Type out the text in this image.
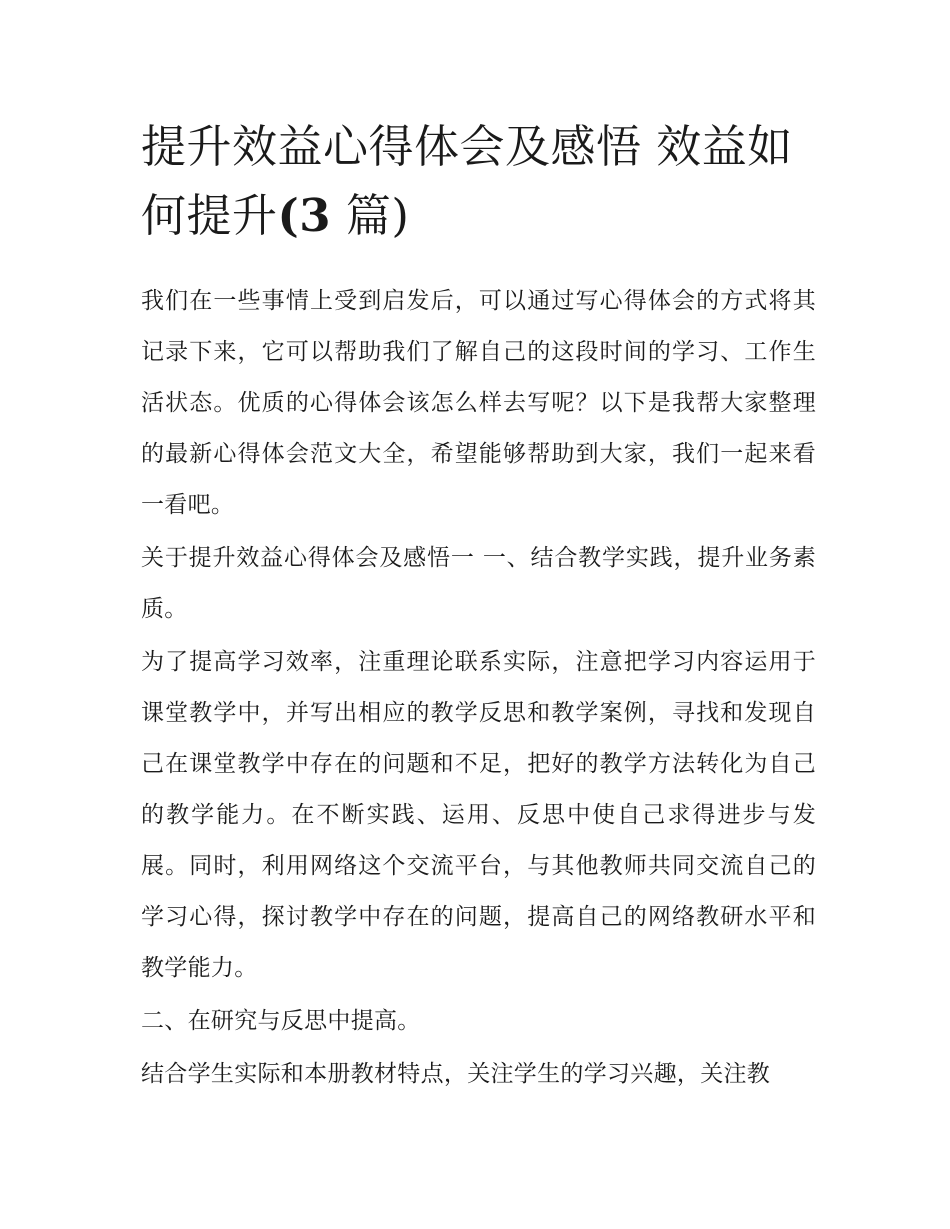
提升效益心得体会及感悟 效益如何提升(3 篇)

我们在一些事情上受到启发后，可以通过写心得体会的方式将其记录下来，它可以帮助我们了解自己的这段时间的学习、工作生活状态。优质的心得体会该怎么样去写呢？以下是我帮大家整理的最新心得体会范文大全，希望能够帮助到大家，我们一起来看一看吧。

关于提升效益心得体会及感悟一 一、结合教学实践，提升业务素质。

为了提高学习效率，注重理论联系实际，注意把学习内容运用于课堂教学中，并写出相应的教学反思和教学案例，寻找和发现自己在课堂教学中存在的问题和不足，把好的教学方法转化为自己的教学能力。在不断实践、运用、反思中使自己求得进步与发展。同时，利用网络这个交流平台，与其他教师共同交流自己的学习心得，探讨教学中存在的问题，提高自己的网络教研水平和教学能力。

二、在研究与反思中提高。

结合学生实际和本册教材特点，关注学生的学习兴趣，关注教
